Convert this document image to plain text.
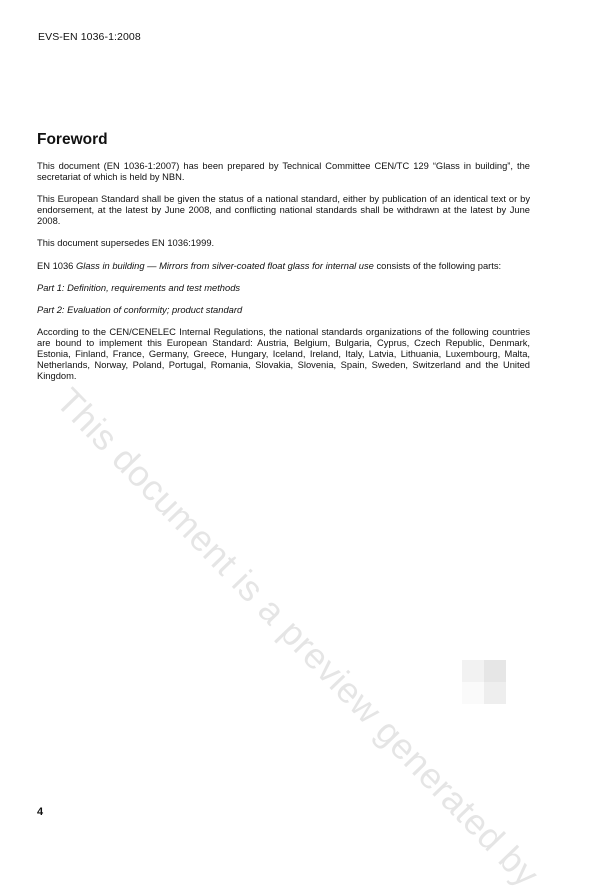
EVS-EN 1036-1:2008
Foreword

This document (EN 1036-1:2007) has been prepared by Technical Committee CEN/TC 129 “Glass in building”, the secretariat of which is held by NBN.

This European Standard shall be given the status of a national standard, either by publication of an identical text or by endorsement, at the latest by June 2008, and conflicting national standards shall be withdrawn at the latest by June 2008.

This document supersedes EN 1036:1999.

EN 1036 Glass in building — Mirrors from silver-coated float glass for internal use consists of the following parts:

Part 1: Definition, requirements and test methods

Part 2: Evaluation of conformity; product standard

According to the CEN/CENELEC Internal Regulations, the national standards organizations of the following countries are bound to implement this European Standard: Austria, Belgium, Bulgaria, Cyprus, Czech Republic, Denmark, Estonia, Finland, France, Germany, Greece, Hungary, Iceland, Ireland, Italy, Latvia, Lithuania, Luxembourg, Malta, Netherlands, Norway, Poland, Portugal, Romania, Slovakia, Slovenia, Spain, Sweden, Switzerland and the United Kingdom.

This document is a preview generated by
4
